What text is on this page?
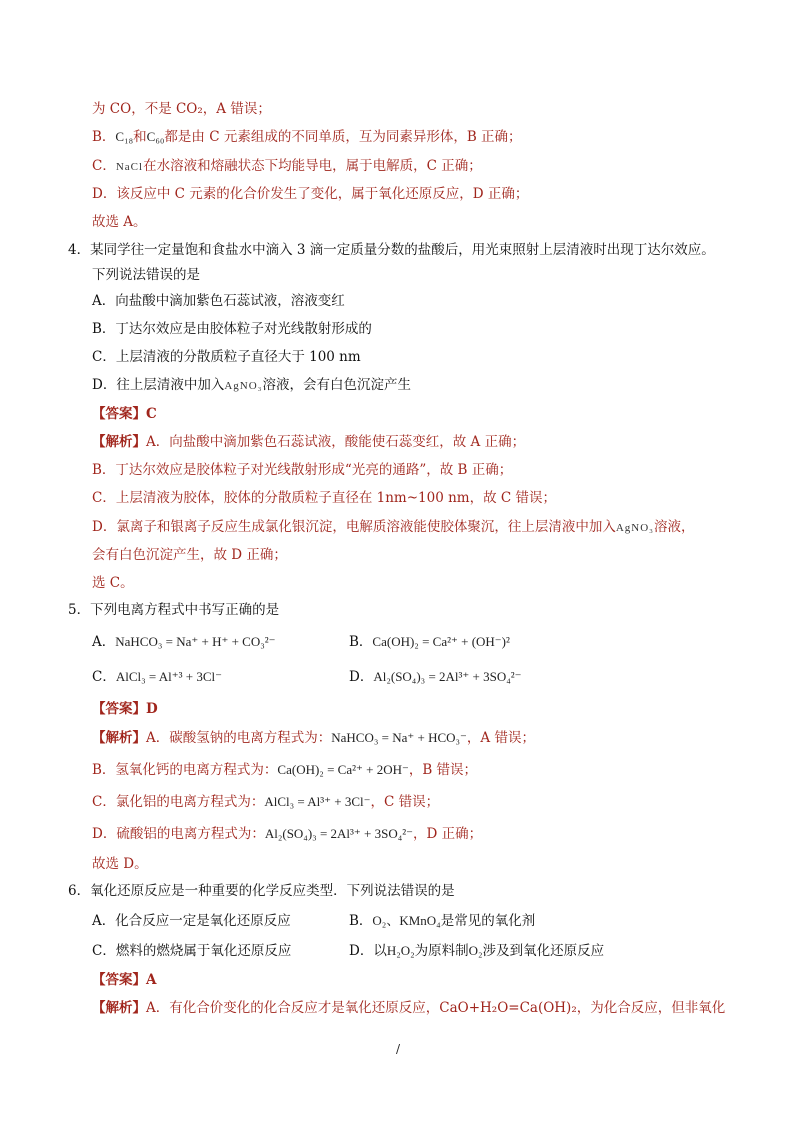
为 CO，不是 CO₂，A 错误；
B．C₁₈和C₆₀都是由 C 元素组成的不同单质，互为同素异形体，B 正确；
C．NaCl在水溶液和熔融状态下均能导电，属于电解质，C 正确；
D．该反应中 C 元素的化合价发生了变化，属于氧化还原反应，D 正确；
故选 A。
4．某同学往一定量饱和食盐水中滴入 3 滴一定质量分数的盐酸后，用光束照射上层清液时出现丁达尔效应。
下列说法错误的是
A．向盐酸中滴加紫色石蕊试液，溶液变红
B．丁达尔效应是由胶体粒子对光线散射形成的
C．上层清液的分散质粒子直径大于 100 nm
D．往上层清液中加入AgNO₃溶液，会有白色沉淀产生
【答案】C
【解析】A．向盐酸中滴加紫色石蕊试液，酸能使石蕊变红，故 A 正确；
B．丁达尔效应是胶体粒子对光线散射形成“光亮的通路”，故 B 正确；
C．上层清液为胶体，胶体的分散质粒子直径在 1nm~100 nm，故 C 错误；
D．氯离子和银离子反应生成氯化银沉淀，电解质溶液能使胶体聚沉，往上层清液中加入AgNO₃溶液，
会有白色沉淀产生，故 D 正确；
选 C。
5．下列电离方程式中书写正确的是
A．NaHCO₃ = Na⁺ + H⁺ + CO₃²⁻	B．Ca(OH)₂ = Ca²⁺ + (OH⁻)²
C．AlCl₃ = Al⁺³ + 3Cl⁻	D．Al₂(SO₄)₃ = 2Al³⁺ + 3SO₄²⁻
【答案】D
【解析】A．碳酸氢钠的电离方程式为：NaHCO₃ = Na⁺ + HCO₃⁻，A 错误；
B．氢氧化钙的电离方程式为：Ca(OH)₂ = Ca²⁺ + 2OH⁻，B 错误；
C．氯化铝的电离方程式为：AlCl₃ = Al³⁺ + 3Cl⁻，C 错误；
D．硫酸铝的电离方程式为：Al₂(SO₄)₃ = 2Al³⁺ + 3SO₄²⁻，D 正确；
故选 D。
6．氧化还原反应是一种重要的化学反应类型．下列说法错误的是
A．化合反应一定是氧化还原反应	B．O₂、KMnO₄是常见的氧化剂
C．燃料的燃烧属于氧化还原反应	D．以H₂O₂为原料制O₂涉及到氧化还原反应
【答案】A
【解析】A．有化合价变化的化合反应才是氧化还原反应，CaO+H₂O=Ca(OH)₂，为化合反应，但非氧化
/
